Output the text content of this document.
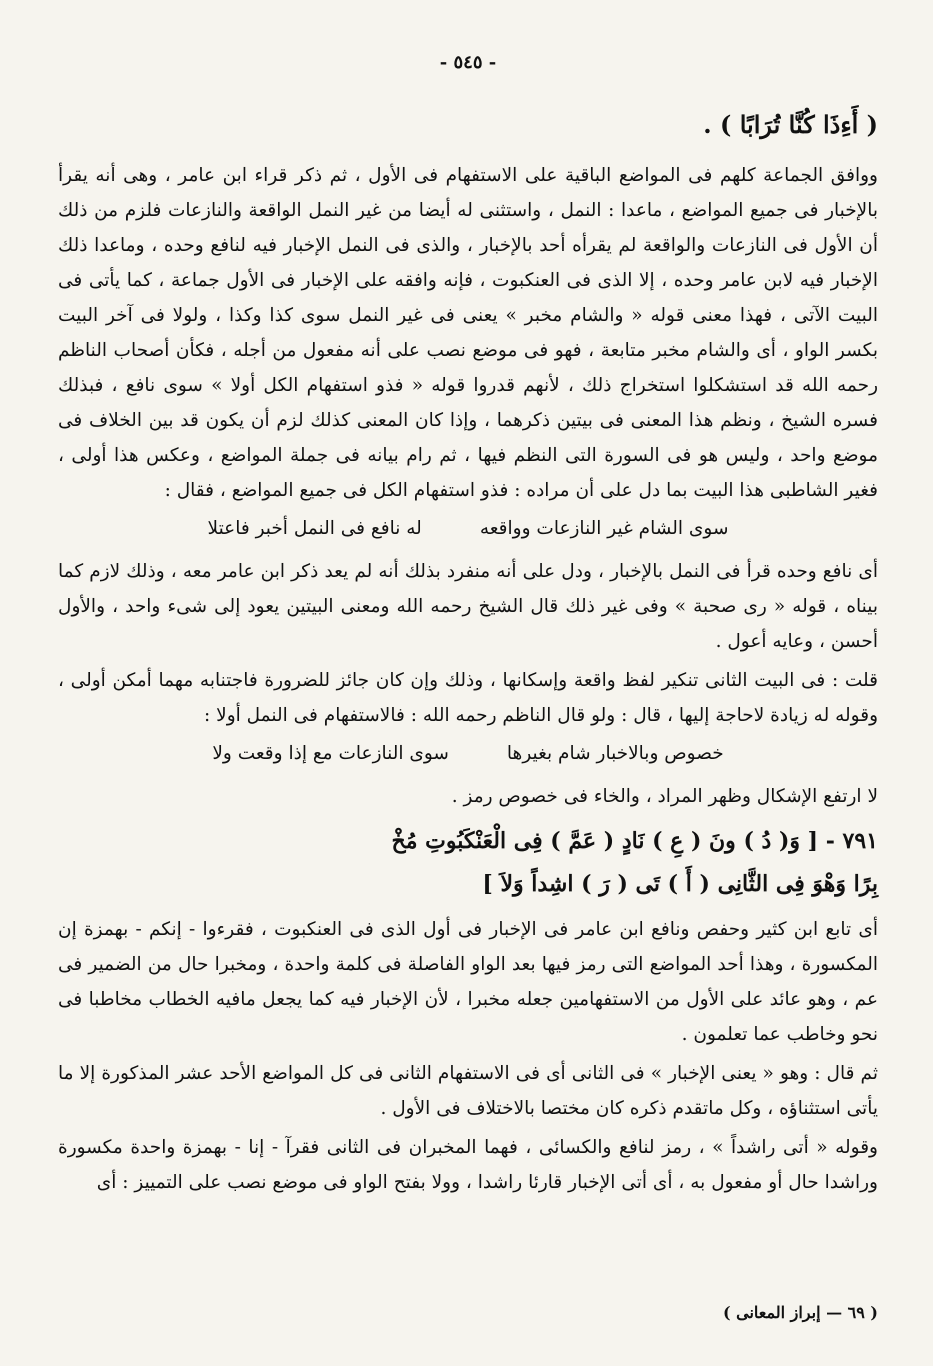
- ٥٤٥ -
( أَءِذَا كُنَّا تُرَابًا ) .

ووافق الجماعة كلهم فى المواضع الباقية على الاستفهام فى الأول ، ثم ذكر قراء ابن عامر ، وهى أنه يقرأ بالإخبار فى جميع المواضع ، ماعدا : النمل ، واستثنى له أيضا من غير النمل الواقعة والنازعات فلزم من ذلك أن الأول فى النازعات والواقعة لم يقرأه أحد بالإخبار ، والذى فى النمل الإخبار فيه لنافع وحده ، وماعدا ذلك الإخبار فيه لابن عامر وحده ، إلا الذى فى العنكبوت ، فإنه وافقه على الإخبار فى الأول جماعة ، كما يأتى فى البيت الآتى ، فهذا معنى قوله « والشام مخبر » يعنى فى غير النمل سوى كذا وكذا ، ولولا فى آخر البيت بكسر الواو ، أى والشام مخبر متابعة ، فهو فى موضع نصب على أنه مفعول من أجله ، فكأن أصحاب الناظم رحمه الله قد استشكلوا استخراج ذلك ، لأنهم قدروا قوله « فذو استفهام الكل أولا » سوى نافع ، فبذلك فسره الشيخ ، ونظم هذا المعنى فى بيتين ذكرهما ، وإذا كان المعنى كذلك لزم أن يكون قد بين الخلاف فى موضع واحد ، وليس هو فى السورة التى النظم فيها ، ثم رام بيانه فى جملة المواضع ، وعكس هذا أولى ، فغير الشاطبى هذا البيت بما دل على أن مراده : فذو استفهام الكل فى جميع المواضع ، فقال :

سوى الشام غير النازعات وواقعه
له نافع فى النمل أخبر فاعتلا

أى نافع وحده قرأ فى النمل بالإخبار ، ودل على أنه منفرد بذلك أنه لم يعد ذكر ابن عامر معه ، وذلك لازم كما بيناه ، قوله « رى صحبة » وفى غير ذلك قال الشيخ رحمه الله ومعنى البيتين يعود إلى شىء واحد ، والأول أحسن ، وعايه أعول .

قلت : فى البيت الثانى تنكير لفظ واقعة وإسكانها ، وذلك وإن كان جائز للضرورة فاجتنابه مهما أمكن أولى ، وقوله له زيادة لاحاجة إليها ، قال : ولو قال الناظم رحمه الله : فالاستفهام فى النمل أولا :

خصوص وبالاخبار شام بغيرها
سوى النازعات مع إذا وقعت ولا

لا ارتفع الإشكال وظهر المراد ، والخاء فى خصوص رمز .

٧٩١ - [ وَ( دُ ) ونَ ( عِ ) نَادٍ ( عَمَّ ) فِى الْعَنْكَبُوتِ مُخْ
بِرًا وَهْوَ فِى الثَّانِى ( أَ ) تَى ( رَ ) اشِداً وَلاَ ]

أى تابع ابن كثير وحفص ونافع ابن عامر فى الإخبار فى أول الذى فى العنكبوت ، فقرءوا - إنكم - بهمزة إن المكسورة ، وهذا أحد المواضع التى رمز فيها بعد الواو الفاصلة فى كلمة واحدة ، ومخبرا حال من الضمير فى عم ، وهو عائد على الأول من الاستفهامين جعله مخبرا ، لأن الإخبار فيه كما يجعل مافيه الخطاب مخاطبا فى نحو وخاطب عما تعلمون .

ثم قال : وهو « يعنى الإخبار » فى الثانى أى فى الاستفهام الثانى فى كل المواضع الأحد عشر المذكورة إلا ما يأتى استثناؤه ، وكل ماتقدم ذكره كان مختصا بالاختلاف فى الأول .

وقوله « أتى راشداً » ، رمز لنافع والكسائى ، فهما المخبران فى الثانى فقرآ - إنا - بهمزة واحدة مكسورة وراشدا حال أو مفعول به ، أى أتى الإخبار قارئا راشدا ، وولا بفتح الواو فى موضع نصب على التمييز : أى

( ٦٩ — إبراز المعانى )
